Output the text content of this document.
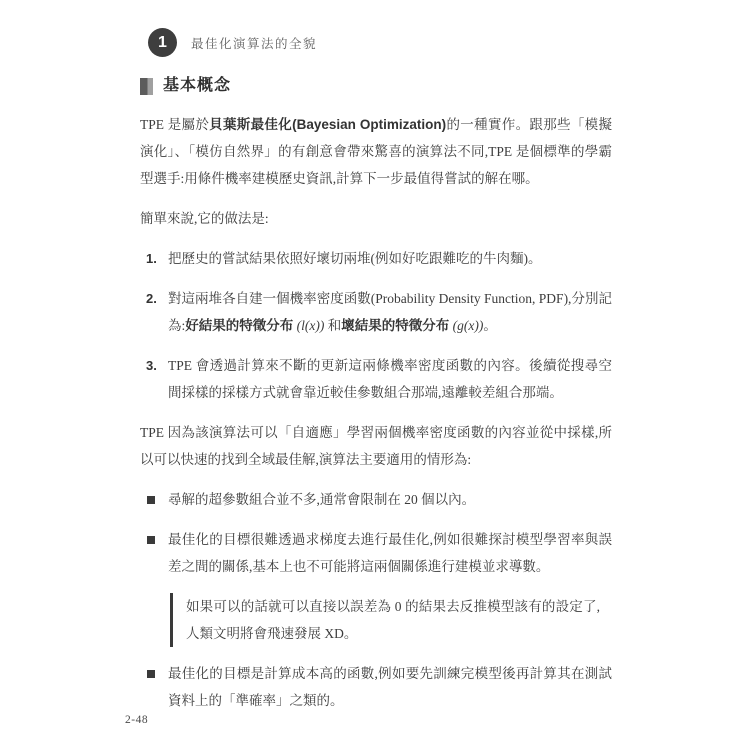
1 最佳化演算法的全貌
基本概念

TPE 是屬於貝葉斯最佳化(Bayesian Optimization)的一種實作。跟那些「模擬演化」、「模仿自然界」的有創意會帶來驚喜的演算法不同,TPE 是個標準的學霸型選手:用條件機率建模歷史資訊,計算下一步最值得嘗試的解在哪。

簡單來說,它的做法是:

1. 把歷史的嘗試結果依照好壞切兩堆(例如好吃跟難吃的牛肉麵)。
2. 對這兩堆各自建一個機率密度函數(Probability Density Function, PDF),分別記為:好結果的特徵分布 (l(x)) 和壞結果的特徵分布 (g(x))。
3. TPE 會透過計算來不斷的更新這兩條機率密度函數的內容。後續從搜尋空間採樣的採樣方式就會靠近較佳參數組合那端,遠離較差組合那端。

TPE 因為該演算法可以「自適應」學習兩個機率密度函數的內容並從中採樣,所以可以快速的找到全域最佳解,演算法主要適用的情形為:

尋解的超參數組合並不多,通常會限制在 20 個以內。
最佳化的目標很難透過求梯度去進行最佳化,例如很難探討模型學習率與誤差之間的關係,基本上也不可能將這兩個關係進行建模並求導數。
如果可以的話就可以直接以誤差為 0 的結果去反推模型該有的設定了,人類文明將會飛速發展 XD。
最佳化的目標是計算成本高的函數,例如要先訓練完模型後再計算其在測試資料上的「準確率」之類的。
2-48
